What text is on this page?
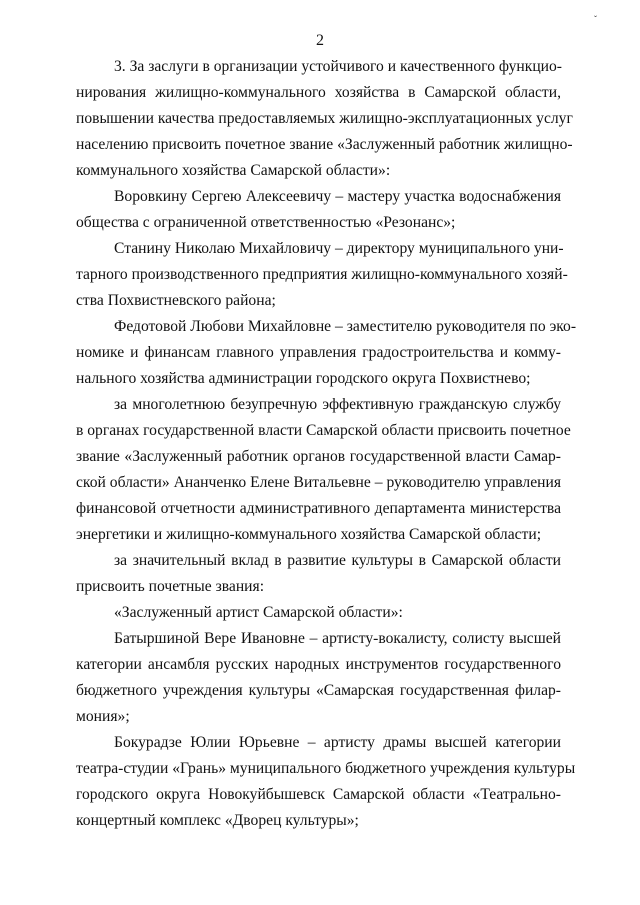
ˇ
2
3. За заслуги в организации устойчивого и качественного функцио-
нирования жилищно-коммунального хозяйства в Самарской области,
повышении качества предоставляемых жилищно-эксплуатационных услуг
населению присвоить почетное звание «Заслуженный работник жилищно-
коммунального хозяйства Самарской области»:
Воровкину Сергею Алексеевичу – мастеру участка водоснабжения
общества с ограниченной ответственностью «Резонанс»;
Станину Николаю Михайловичу – директору муниципального уни-
тарного производственного предприятия жилищно-коммунального хозяй-
ства Похвистневского района;
Федотовой Любови Михайловне – заместителю руководителя по эко-
номике и финансам главного управления градостроительства и комму-
нального хозяйства администрации городского округа Похвистнево;
за многолетнюю безупречную эффективную гражданскую службу
в органах государственной власти Самарской области присвоить почетное
звание «Заслуженный работник органов государственной власти Самар-
ской области» Ананченко Елене Витальевне – руководителю управления
финансовой отчетности административного департамента министерства
энергетики и жилищно-коммунального хозяйства Самарской области;
за значительный вклад в развитие культуры в Самарской области
присвоить почетные звания:
«Заслуженный артист Самарской области»:
Батыршиной Вере Ивановне – артисту-вокалисту, солисту высшей
категории ансамбля русских народных инструментов государственного
бюджетного учреждения культуры «Самарская государственная филар-
мония»;
Бокурадзе Юлии Юрьевне – артисту драмы высшей категории
театра-студии «Грань» муниципального бюджетного учреждения культуры
городского округа Новокуйбышевск Самарской области «Театрально-
концертный комплекс «Дворец культуры»;
